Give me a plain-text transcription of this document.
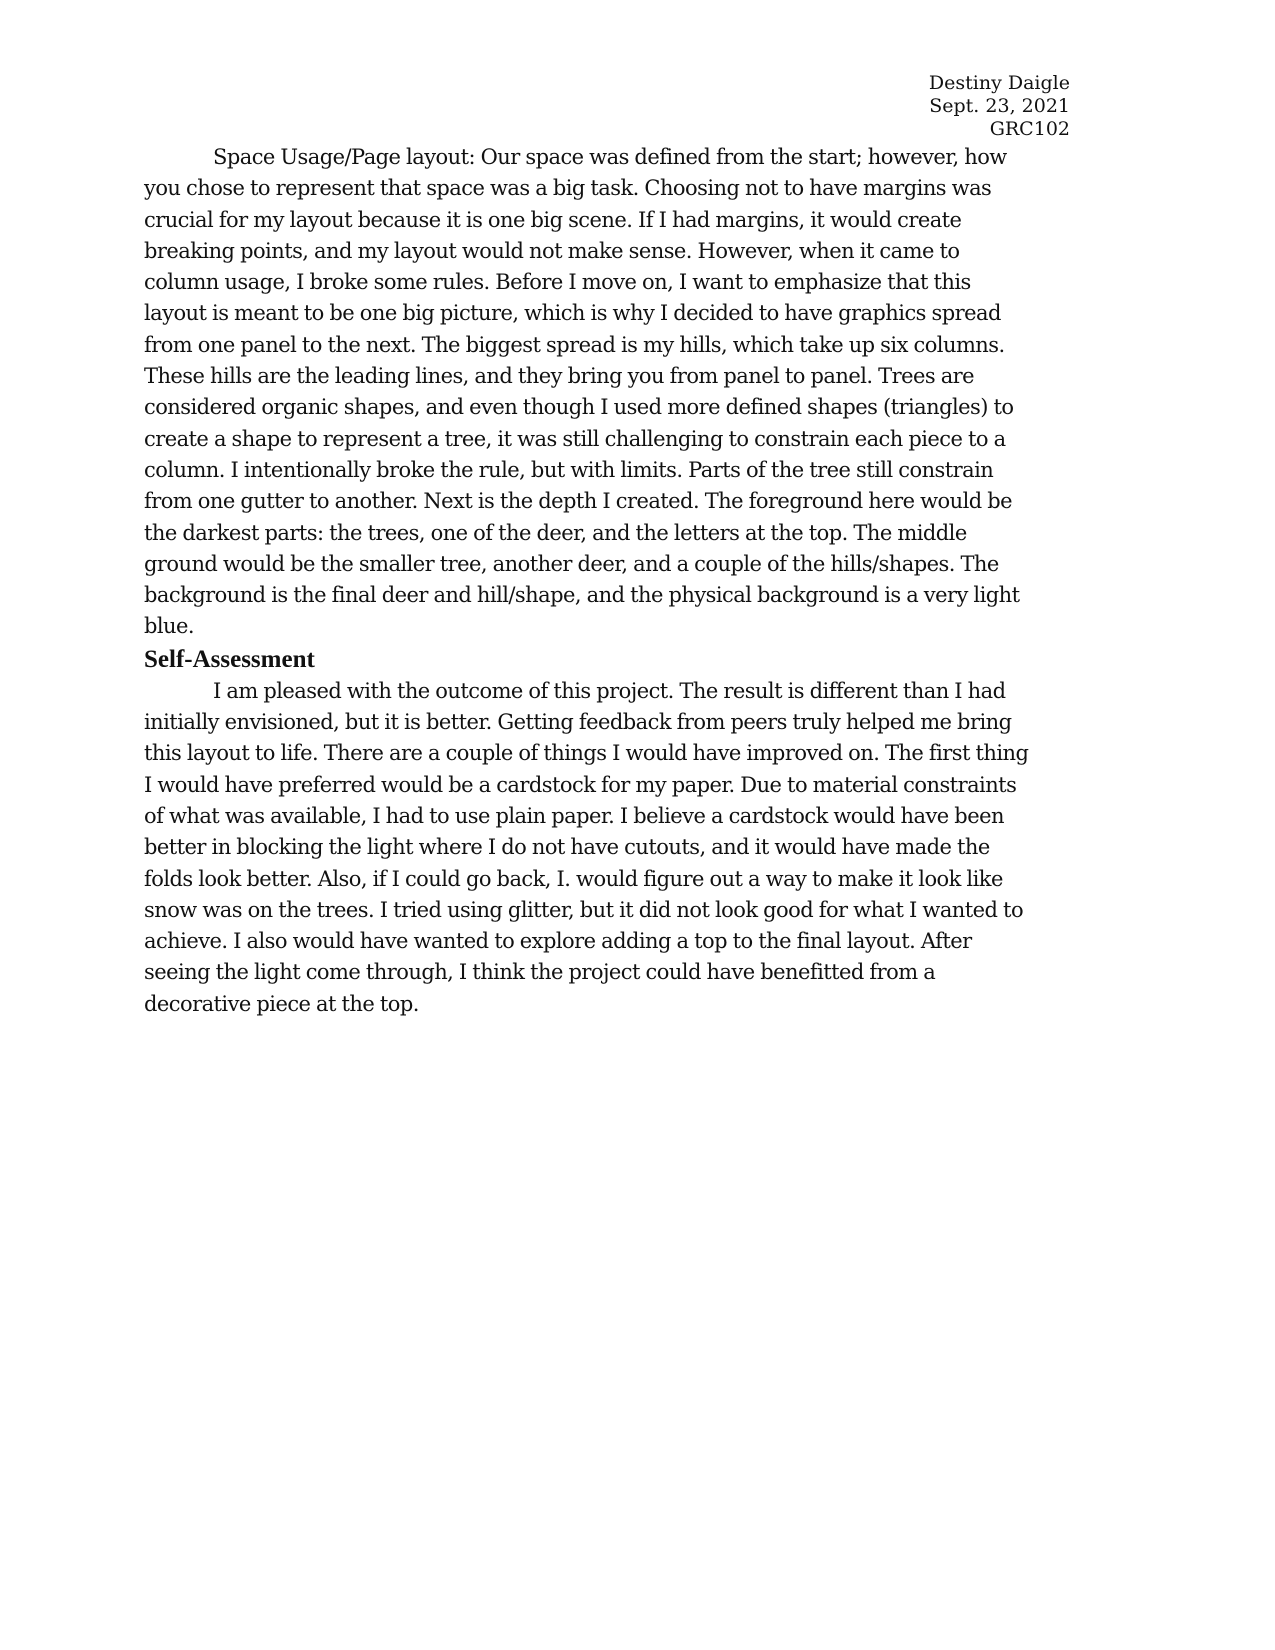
Destiny Daigle
Sept. 23, 2021
GRC102
Space Usage/Page layout: Our space was defined from the start; however, how
you chose to represent that space was a big task. Choosing not to have margins was
crucial for my layout because it is one big scene. If I had margins, it would create
breaking points, and my layout would not make sense. However, when it came to
column usage, I broke some rules. Before I move on, I want to emphasize that this
layout is meant to be one big picture, which is why I decided to have graphics spread
from one panel to the next. The biggest spread is my hills, which take up six columns.
These hills are the leading lines, and they bring you from panel to panel. Trees are
considered organic shapes, and even though I used more defined shapes (triangles) to
create a shape to represent a tree, it was still challenging to constrain each piece to a
column. I intentionally broke the rule, but with limits. Parts of the tree still constrain
from one gutter to another. Next is the depth I created. The foreground here would be
the darkest parts: the trees, one of the deer, and the letters at the top. The middle
ground would be the smaller tree, another deer, and a couple of the hills/shapes. The
background is the final deer and hill/shape, and the physical background is a very light
blue.
Self-Assessment
I am pleased with the outcome of this project. The result is different than I had
initially envisioned, but it is better. Getting feedback from peers truly helped me bring
this layout to life. There are a couple of things I would have improved on. The first thing
I would have preferred would be a cardstock for my paper. Due to material constraints
of what was available, I had to use plain paper. I believe a cardstock would have been
better in blocking the light where I do not have cutouts, and it would have made the
folds look better. Also, if I could go back, I. would figure out a way to make it look like
snow was on the trees. I tried using glitter, but it did not look good for what I wanted to
achieve. I also would have wanted to explore adding a top to the final layout. After
seeing the light come through, I think the project could have benefitted from a
decorative piece at the top.
